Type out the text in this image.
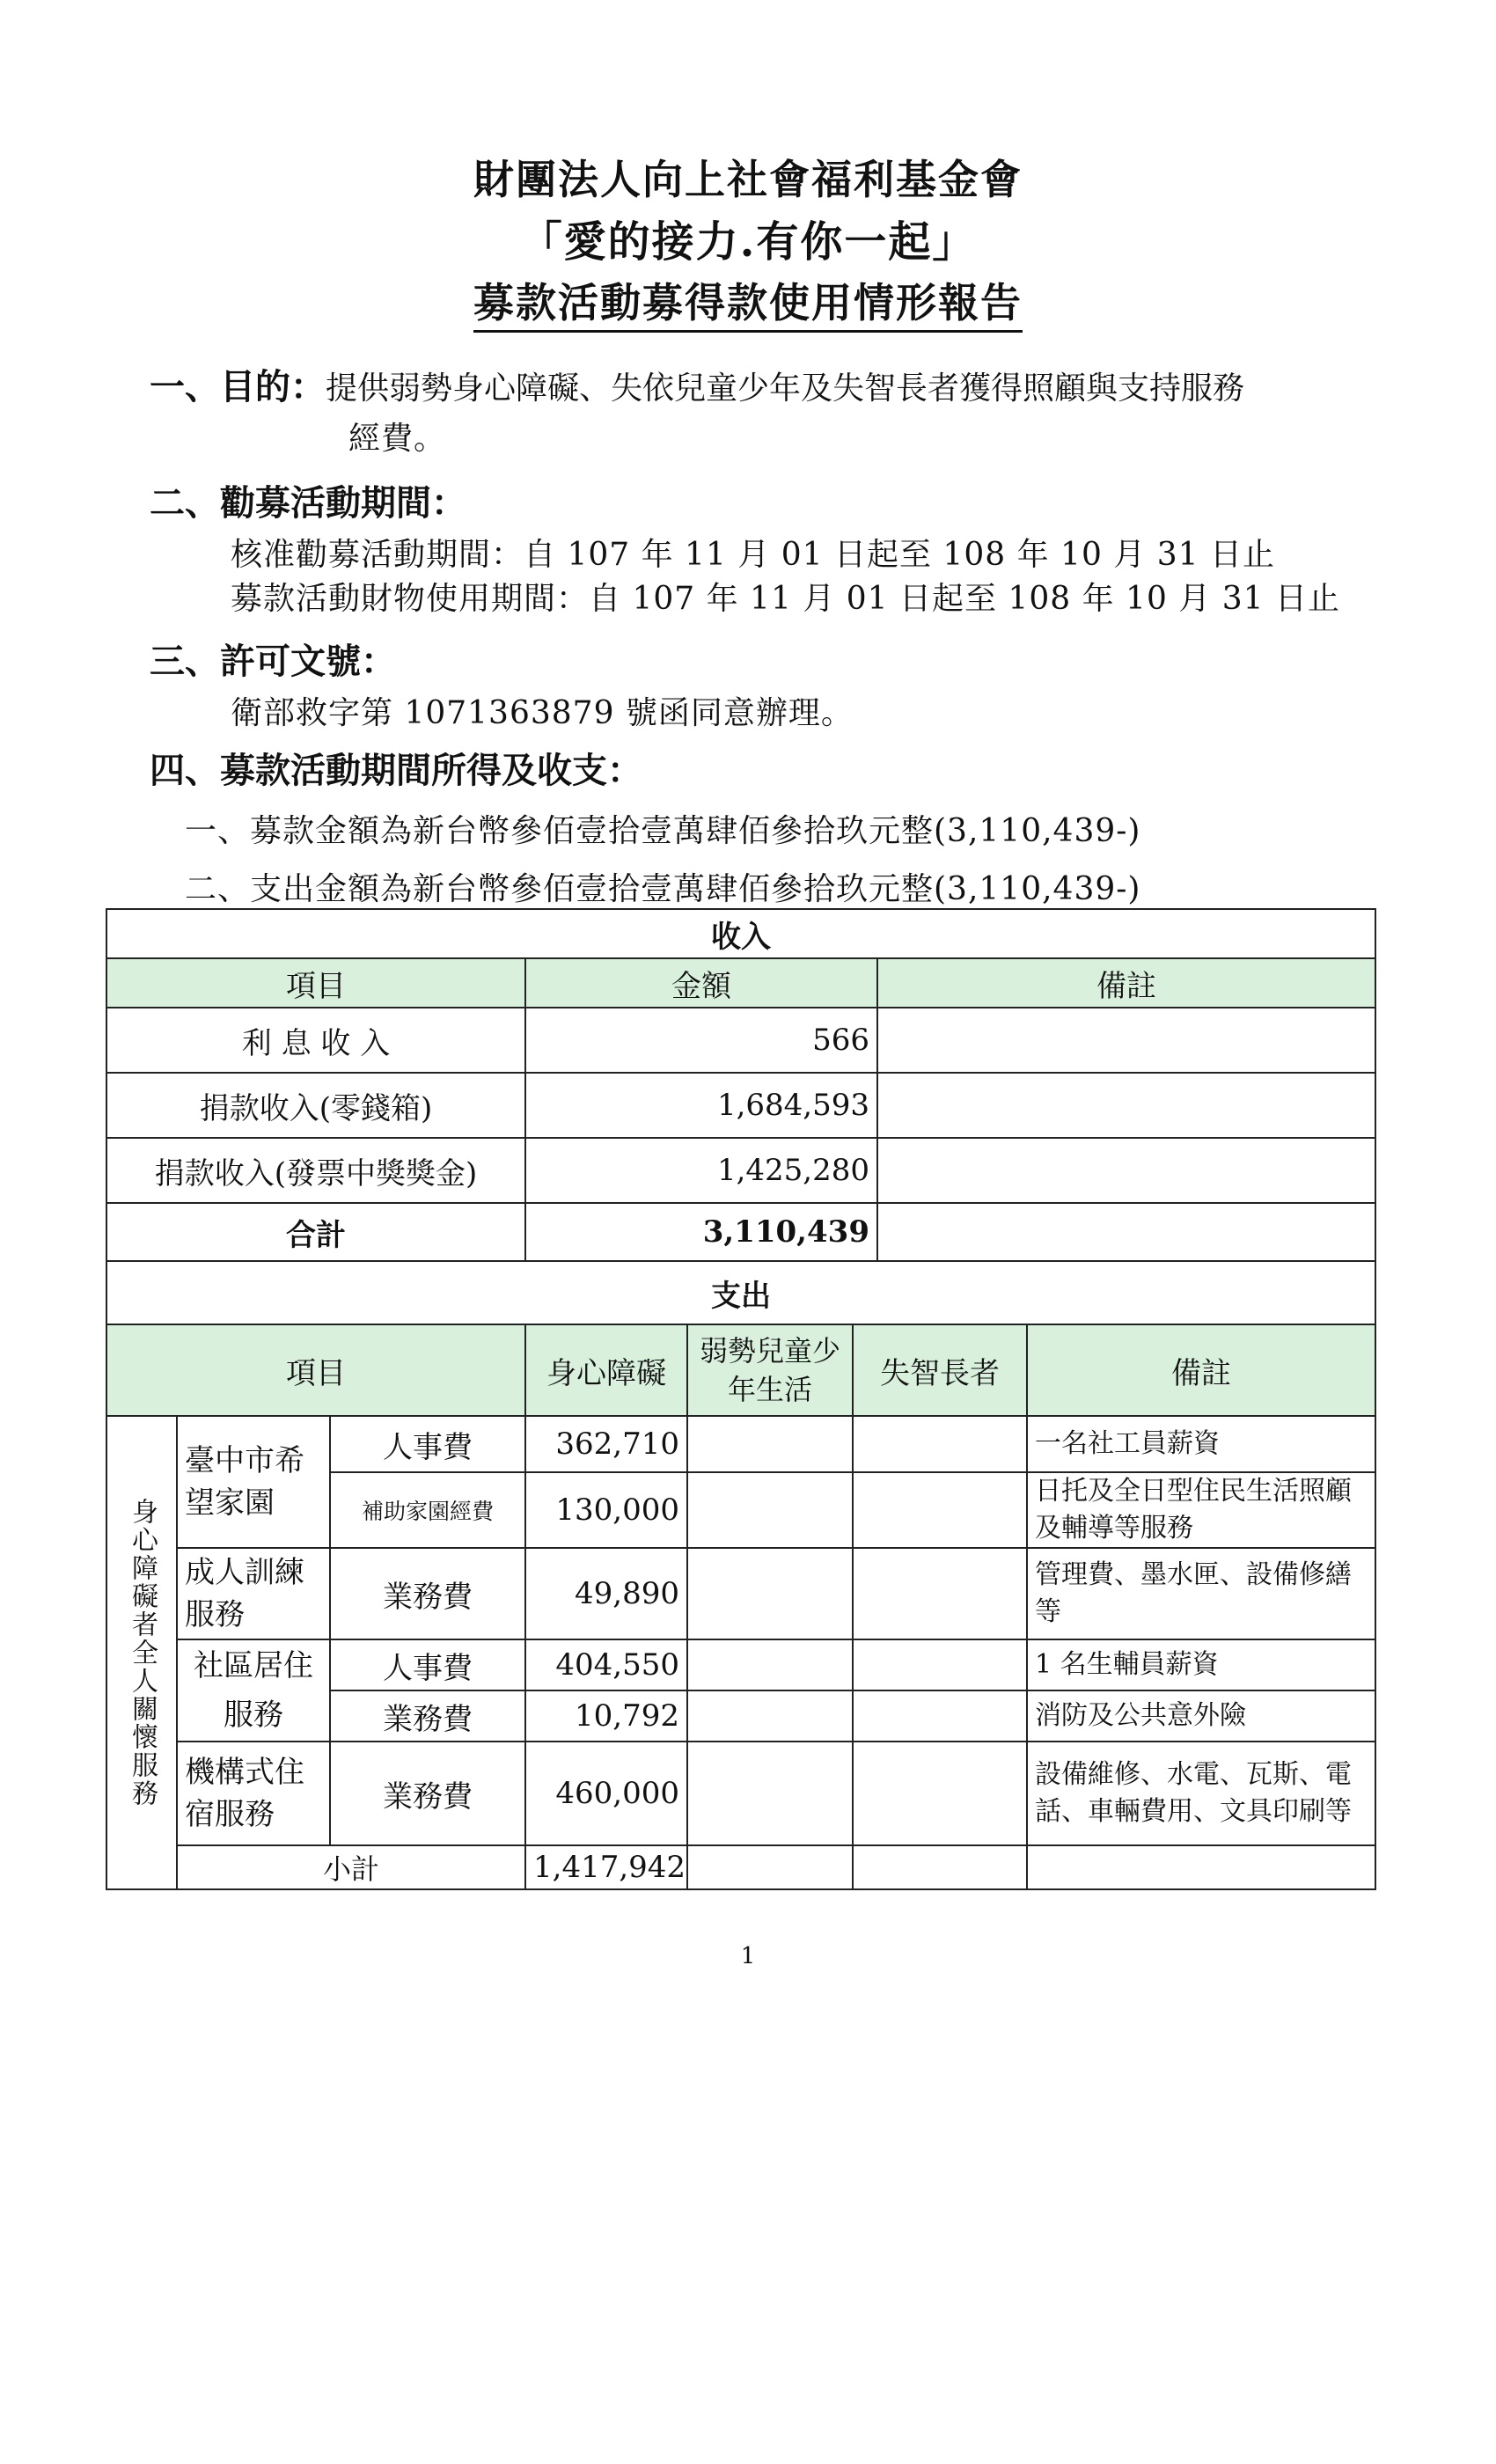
財團法人向上社會福利基金會
「愛的接力.有你一起」
募款活動募得款使用情形報告
一、目的：提供弱勢身心障礙、失依兒童少年及失智長者獲得照顧與支持服務
經費。
二、勸募活動期間：
核准勸募活動期間：自 107 年 11 月 01 日起至 108 年 10 月 31 日止
募款活動財物使用期間：自 107 年 11 月 01 日起至 108 年 10 月 31 日止
三、許可文號：
衛部救字第 1071363879 號函同意辦理。
四、募款活動期間所得及收支：
一、募款金額為新台幣參佰壹拾壹萬肆佰參拾玖元整(3,110,439-)
二、支出金額為新台幣參佰壹拾壹萬肆佰參拾玖元整(3,110,439-)
收入		
項目	金額	備註
利 息 收 入	566	
捐款收入(零錢箱)	1,684,593	
捐款收入(發票中獎獎金)	1,425,280	
合計	3,110,439	
支出						
項目			身心障礙	弱勢兒童少年生活	失智長者	備註
身心障礙者全人關懷服務	臺中市希望家園	人事費	362,710			一名社工員薪資
		補助家園經費	130,000			日托及全日型住民生活照顧及輔導等服務
	成人訓練服務	業務費	49,890			管理費、墨水匣、設備修繕等
	社區居住服務	人事費	404,550			1 名生輔員薪資
		業務費	10,792			消防及公共意外險
	機構式住宿服務	業務費	460,000			設備維修、水電、瓦斯、電話、車輛費用、文具印刷等
	小計		1,417,942			
1
